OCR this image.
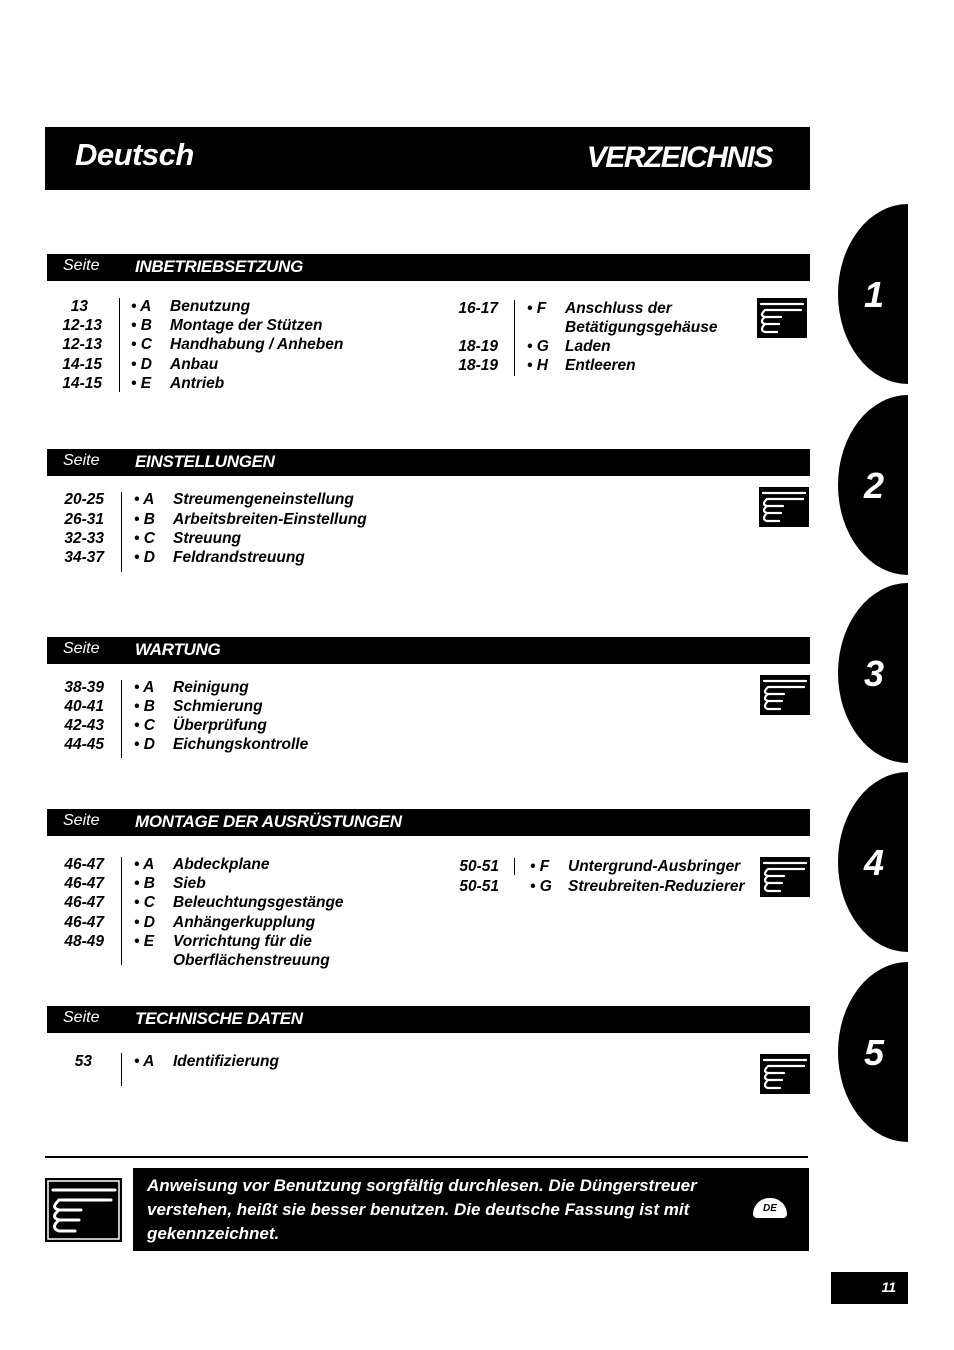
Deutsch	VERZEICHNIS
Seite INBETRIEBSETZUNG
13	• A Benutzung
12-13 • B Montage der Stützen
12-13 • C Handhabung / Anheben
14-15 • D Anbau
14-15 • E Antrieb
16-17 • F Anschluss der
Betätigungsgehäuse
18-19 • G Laden
18-19 • H Entleeren
Seite EINSTELLUNGEN
20-25 • A Streumengeneinstellung
26-31 • B Arbeitsbreiten-Einstellung
32-33 • C Streuung
34-37 • D Feldrandstreuung
Seite WARTUNG
38-39 • A Reinigung
40-41 • B Schmierung
42-43 • C Überprüfung
44-45 • D Eichungskontrolle
Seite MONTAGE DER AUSRÜSTUNGEN
46-47 • A Abdeckplane
46-47 • B Sieb
46-47 • C Beleuchtungsgestänge
46-47 • D Anhängerkupplung
48-49 • E Vorrichtung für die
Oberflächenstreuung
50-51 • F Untergrund-Ausbringer
50-51 • G Streubreiten-Reduzierer
Seite TECHNISCHE DATEN
53	• A Identifizierung
1
2
3
4
5
Anweisung vor Benutzung sorgfältig durchlesen. Die Düngerstreuer verstehen, heißt sie besser benutzen. Die deutsche Fassung ist mit gekennzeichnet.
DE
11
